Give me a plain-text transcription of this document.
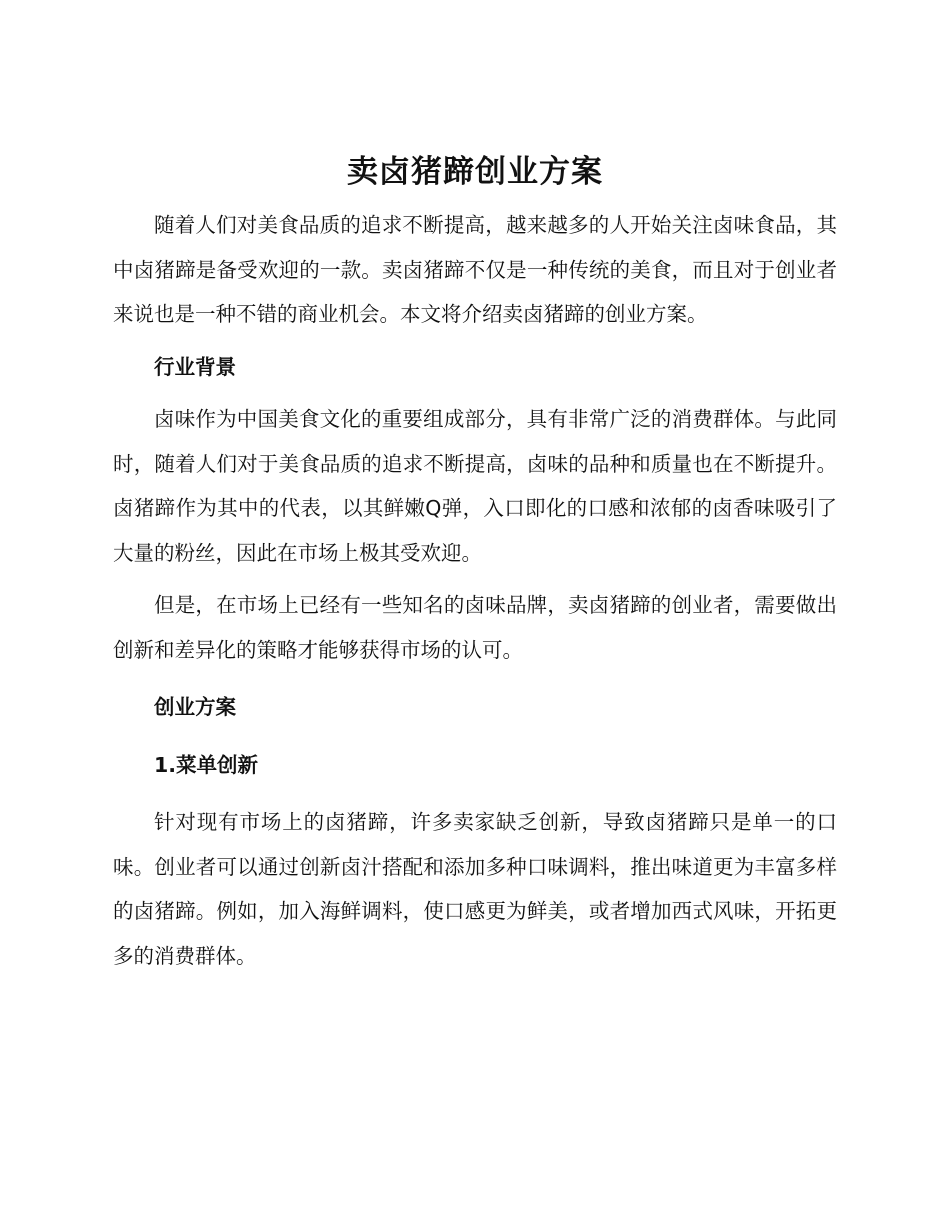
卖卤猪蹄创业方案

随着人们对美食品质的追求不断提高，越来越多的人开始关注卤味食品，其中卤猪蹄是备受欢迎的一款。卖卤猪蹄不仅是一种传统的美食，而且对于创业者来说也是一种不错的商业机会。本文将介绍卖卤猪蹄的创业方案。

行业背景

卤味作为中国美食文化的重要组成部分，具有非常广泛的消费群体。与此同时，随着人们对于美食品质的追求不断提高，卤味的品种和质量也在不断提升。卤猪蹄作为其中的代表，以其鲜嫩Q弹，入口即化的口感和浓郁的卤香味吸引了大量的粉丝，因此在市场上极其受欢迎。

但是，在市场上已经有一些知名的卤味品牌，卖卤猪蹄的创业者，需要做出创新和差异化的策略才能够获得市场的认可。

创业方案
1.菜单创新

针对现有市场上的卤猪蹄，许多卖家缺乏创新，导致卤猪蹄只是单一的口味。创业者可以通过创新卤汁搭配和添加多种口味调料，推出味道更为丰富多样的卤猪蹄。例如，加入海鲜调料，使口感更为鲜美，或者增加西式风味，开拓更多的消费群体。
